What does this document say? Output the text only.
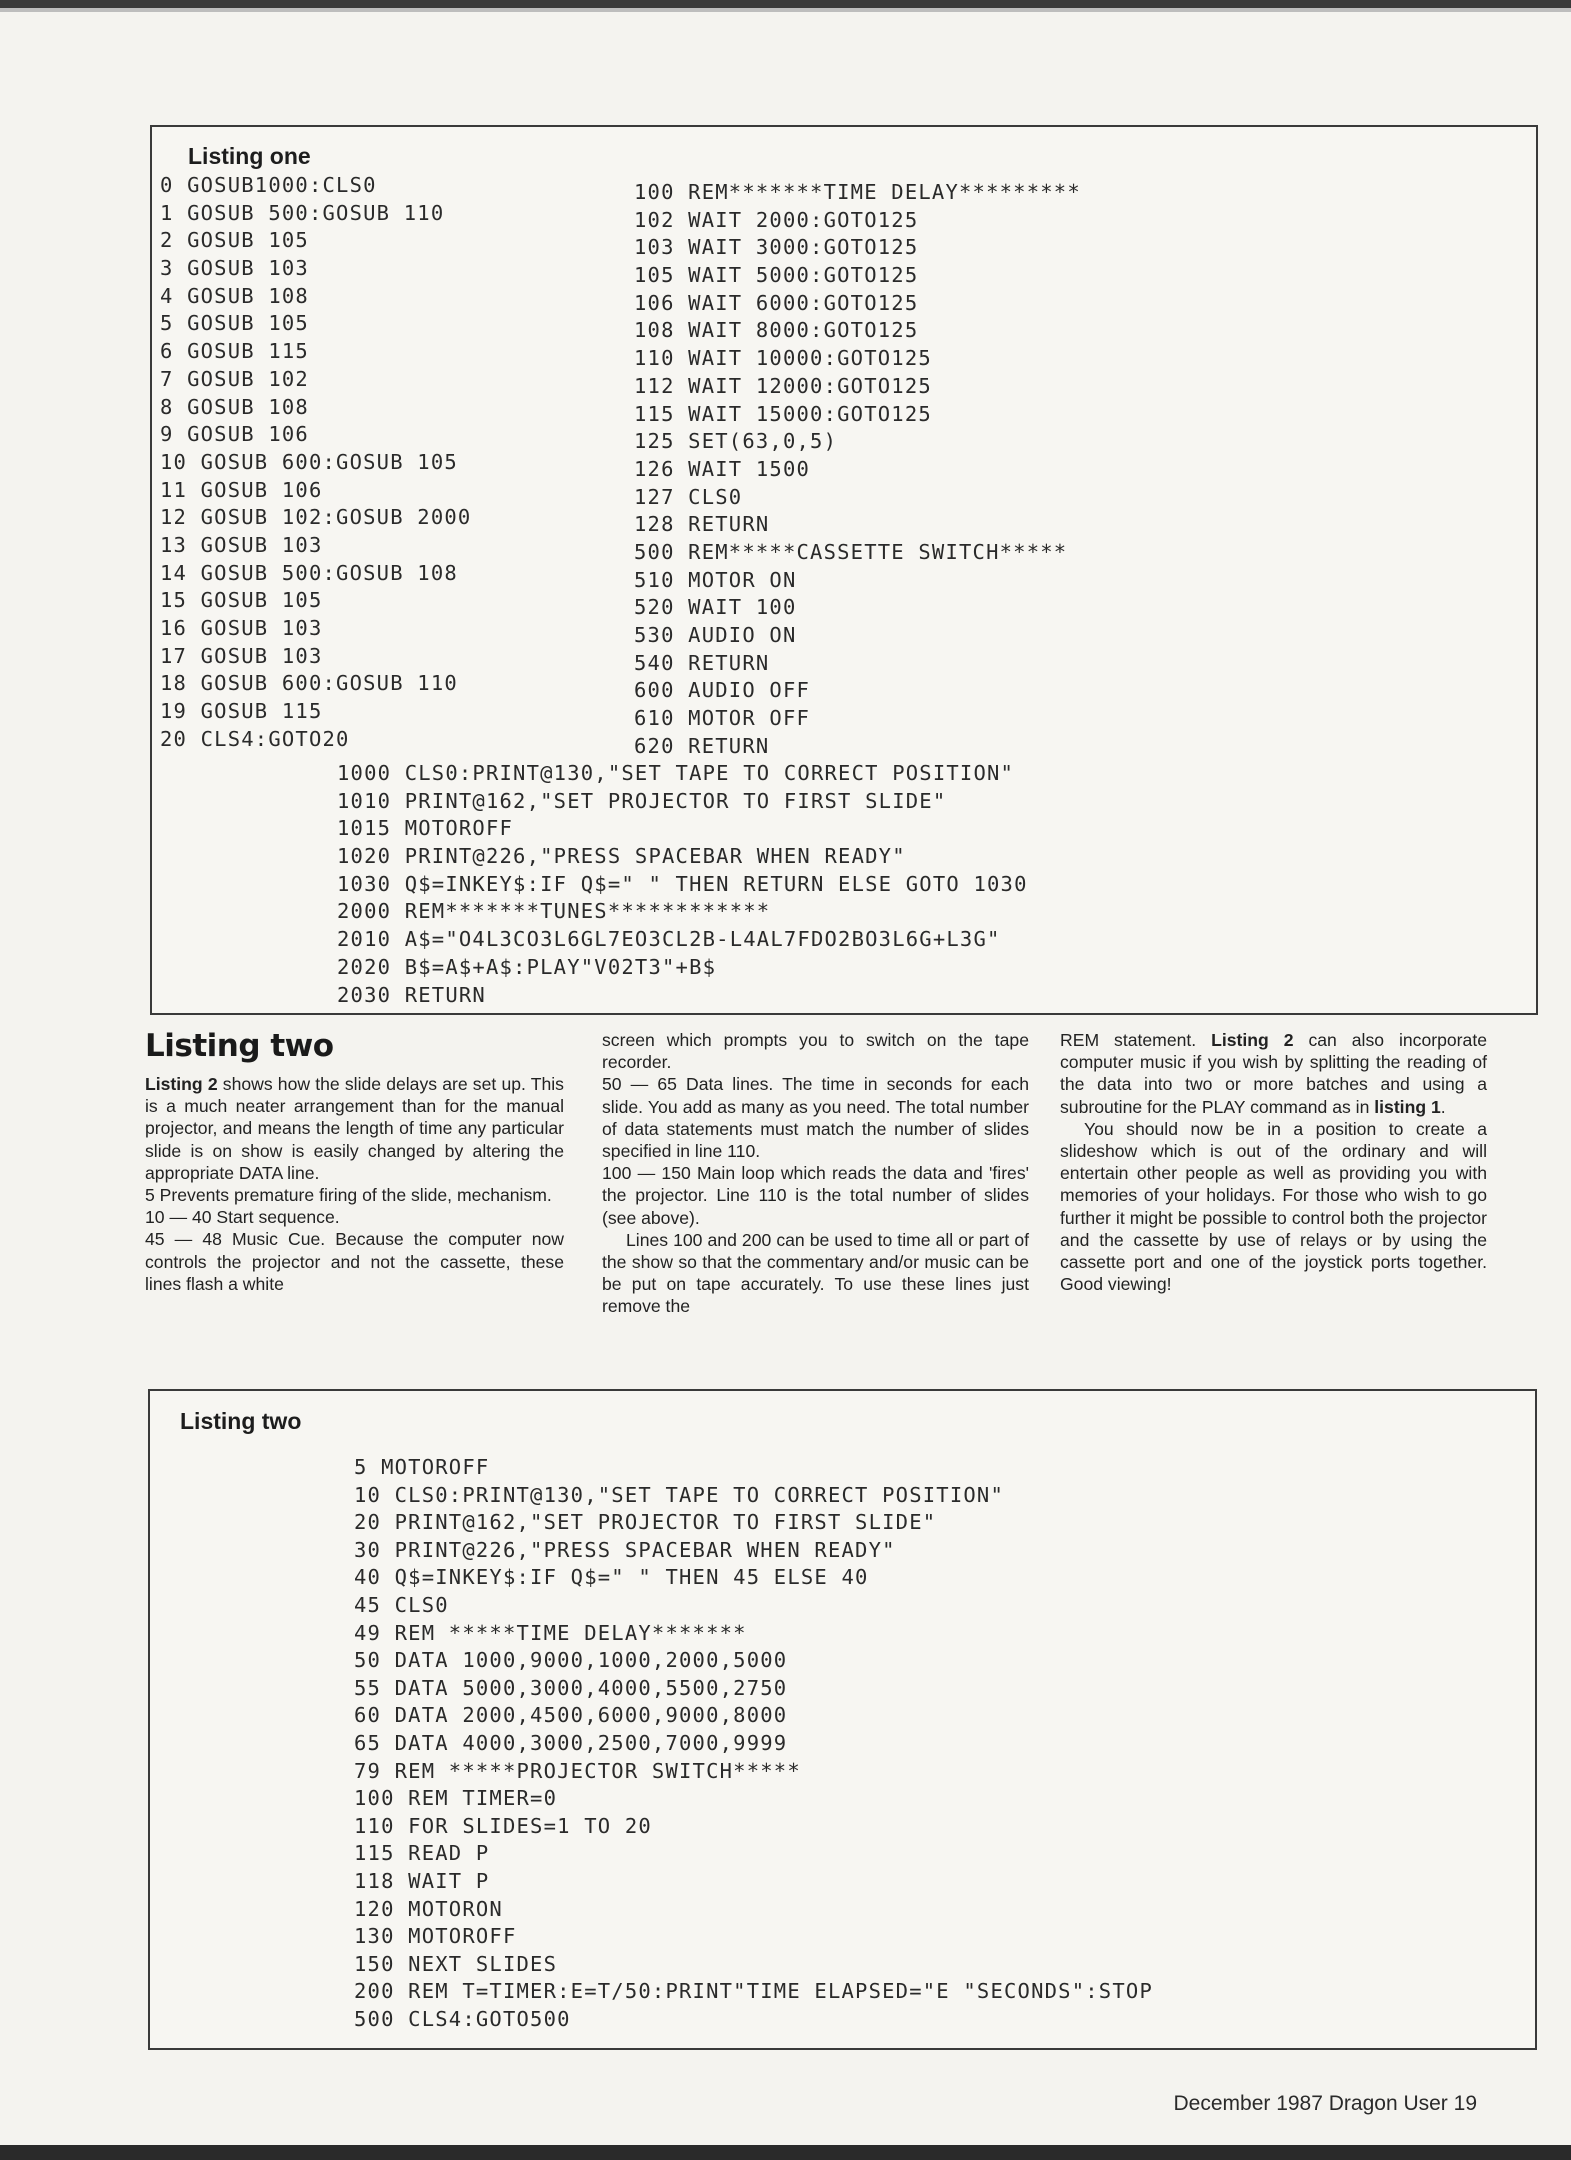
Listing one
0 GOSUB1000:CLS0
1 GOSUB 500:GOSUB 110
2 GOSUB 105
3 GOSUB 103
4 GOSUB 108
5 GOSUB 105
6 GOSUB 115
7 GOSUB 102
8 GOSUB 108
9 GOSUB 106
10 GOSUB 600:GOSUB 105
11 GOSUB 106
12 GOSUB 102:GOSUB 2000
13 GOSUB 103
14 GOSUB 500:GOSUB 108
15 GOSUB 105
16 GOSUB 103
17 GOSUB 103
18 GOSUB 600:GOSUB 110
19 GOSUB 115
20 CLS4:GOTO20
100 REM*******TIME DELAY*********
102 WAIT 2000:GOTO125
103 WAIT 3000:GOTO125
105 WAIT 5000:GOTO125
106 WAIT 6000:GOTO125
108 WAIT 8000:GOTO125
110 WAIT 10000:GOTO125
112 WAIT 12000:GOTO125
115 WAIT 15000:GOTO125
125 SET(63,0,5)
126 WAIT 1500
127 CLS0
128 RETURN
500 REM*****CASSETTE SWITCH*****
510 MOTOR ON
520 WAIT 100
530 AUDIO ON
540 RETURN
600 AUDIO OFF
610 MOTOR OFF
620 RETURN
1000 CLS0:PRINT@130,"SET TAPE TO CORRECT POSITION"
1010 PRINT@162,"SET PROJECTOR TO FIRST SLIDE"
1015 MOTOROFF
1020 PRINT@226,"PRESS SPACEBAR WHEN READY"
1030 Q$=INKEY$:IF Q$=" " THEN RETURN ELSE GOTO 1030
2000 REM*******TUNES************
2010 A$="O4L3CO3L6GL7EO3CL2B-L4AL7FDO2BO3L6G+L3G"
2020 B$=A$+A$:PLAY"V02T3"+B$
2030 RETURN
Listing two

Listing 2 shows how the slide delays are set up. This is a much neater arrangement than for the manual projector, and means the length of time any particular slide is on show is easily changed by altering the appropriate DATA line.

5 Prevents premature firing of the slide, mechanism.

10 — 40 Start sequence.

45 — 48 Music Cue. Because the computer now controls the projector and not the cassette, these lines flash a white

screen which prompts you to switch on the tape recorder.

50 — 65 Data lines. The time in seconds for each slide. You add as many as you need. The total number of data statements must match the number of slides specified in line 110.

100 — 150 Main loop which reads the data and 'fires' the projector. Line 110 is the total number of slides (see above).

Lines 100 and 200 can be used to time all or part of the show so that the commentary and/or music can be be put on tape accurately. To use these lines just remove the

REM statement. Listing 2 can also incorporate computer music if you wish by splitting the reading of the data into two or more batches and using a subroutine for the PLAY command as in listing 1.

You should now be in a position to create a slideshow which is out of the ordinary and will entertain other people as well as providing you with memories of your holidays. For those who wish to go further it might be possible to control both the projector and the cassette by use of relays or by using the cassette port and one of the joystick ports together. Good viewing!

Listing two
5 MOTOROFF
10 CLS0:PRINT@130,"SET TAPE TO CORRECT POSITION"
20 PRINT@162,"SET PROJECTOR TO FIRST SLIDE"
30 PRINT@226,"PRESS SPACEBAR WHEN READY"
40 Q$=INKEY$:IF Q$=" " THEN 45 ELSE 40
45 CLS0
49 REM *****TIME DELAY*******
50 DATA 1000,9000,1000,2000,5000
55 DATA 5000,3000,4000,5500,2750
60 DATA 2000,4500,6000,9000,8000
65 DATA 4000,3000,2500,7000,9999
79 REM *****PROJECTOR SWITCH*****
100 REM TIMER=0
110 FOR SLIDES=1 TO 20
115 READ P
118 WAIT P
120 MOTORON
130 MOTOROFF
150 NEXT SLIDES
200 REM T=TIMER:E=T/50:PRINT"TIME ELAPSED="E "SECONDS":STOP
500 CLS4:GOTO500
December 1987 Dragon User 19
